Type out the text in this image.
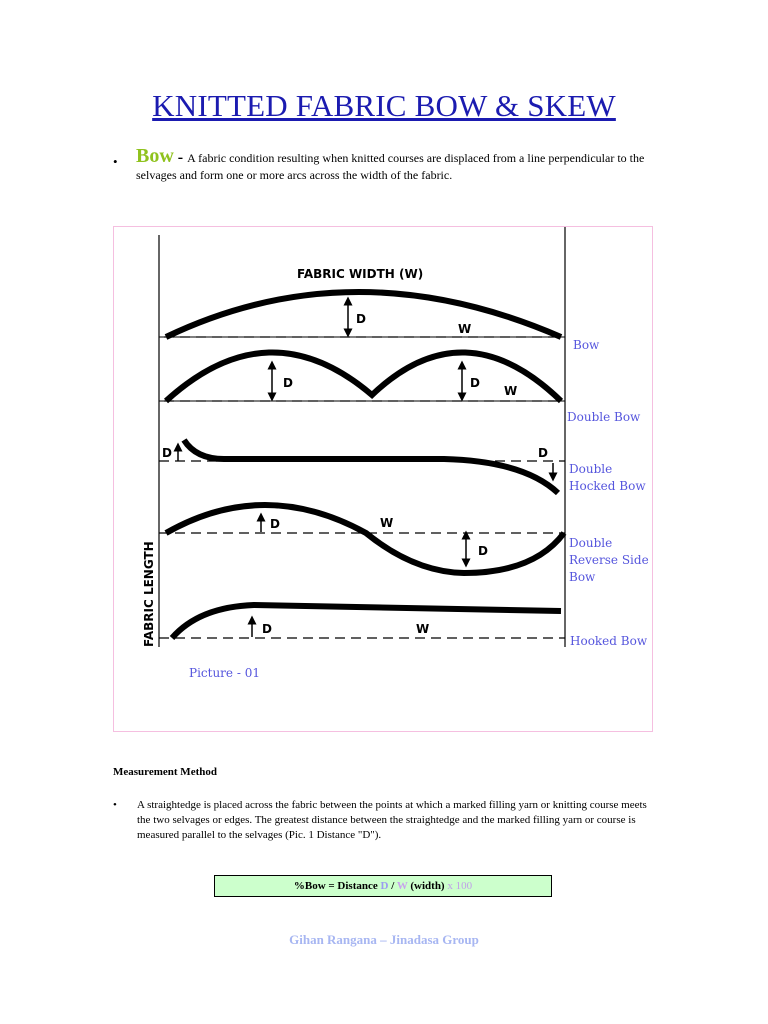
KNITTED FABRIC BOW & SKEW
• Bow - A fabric condition resulting when knitted courses are displaced from a line perpendicular to the selvages and form one or more arcs across the width of the fabric.
FABRIC WIDTH (W)
D
W
Bow
D	D
W
Double Bow
D	D
Double
Hocked Bow
D	W
D
Double
Reverse Side
Bow
D	W
Hooked Bow
FABRIC LENGTH
Picture - 01
Measurement Method
•	A straightedge is placed across the fabric between the points at which a marked filling yarn or knitting course meets the two selvages or edges. The greatest distance between the straightedge and the marked filling yarn or course is measured parallel to the selvages (Pic. 1 Distance "D").
%Bow = Distance D / W (width) x 100
Gihan Rangana – Jinadasa Group
